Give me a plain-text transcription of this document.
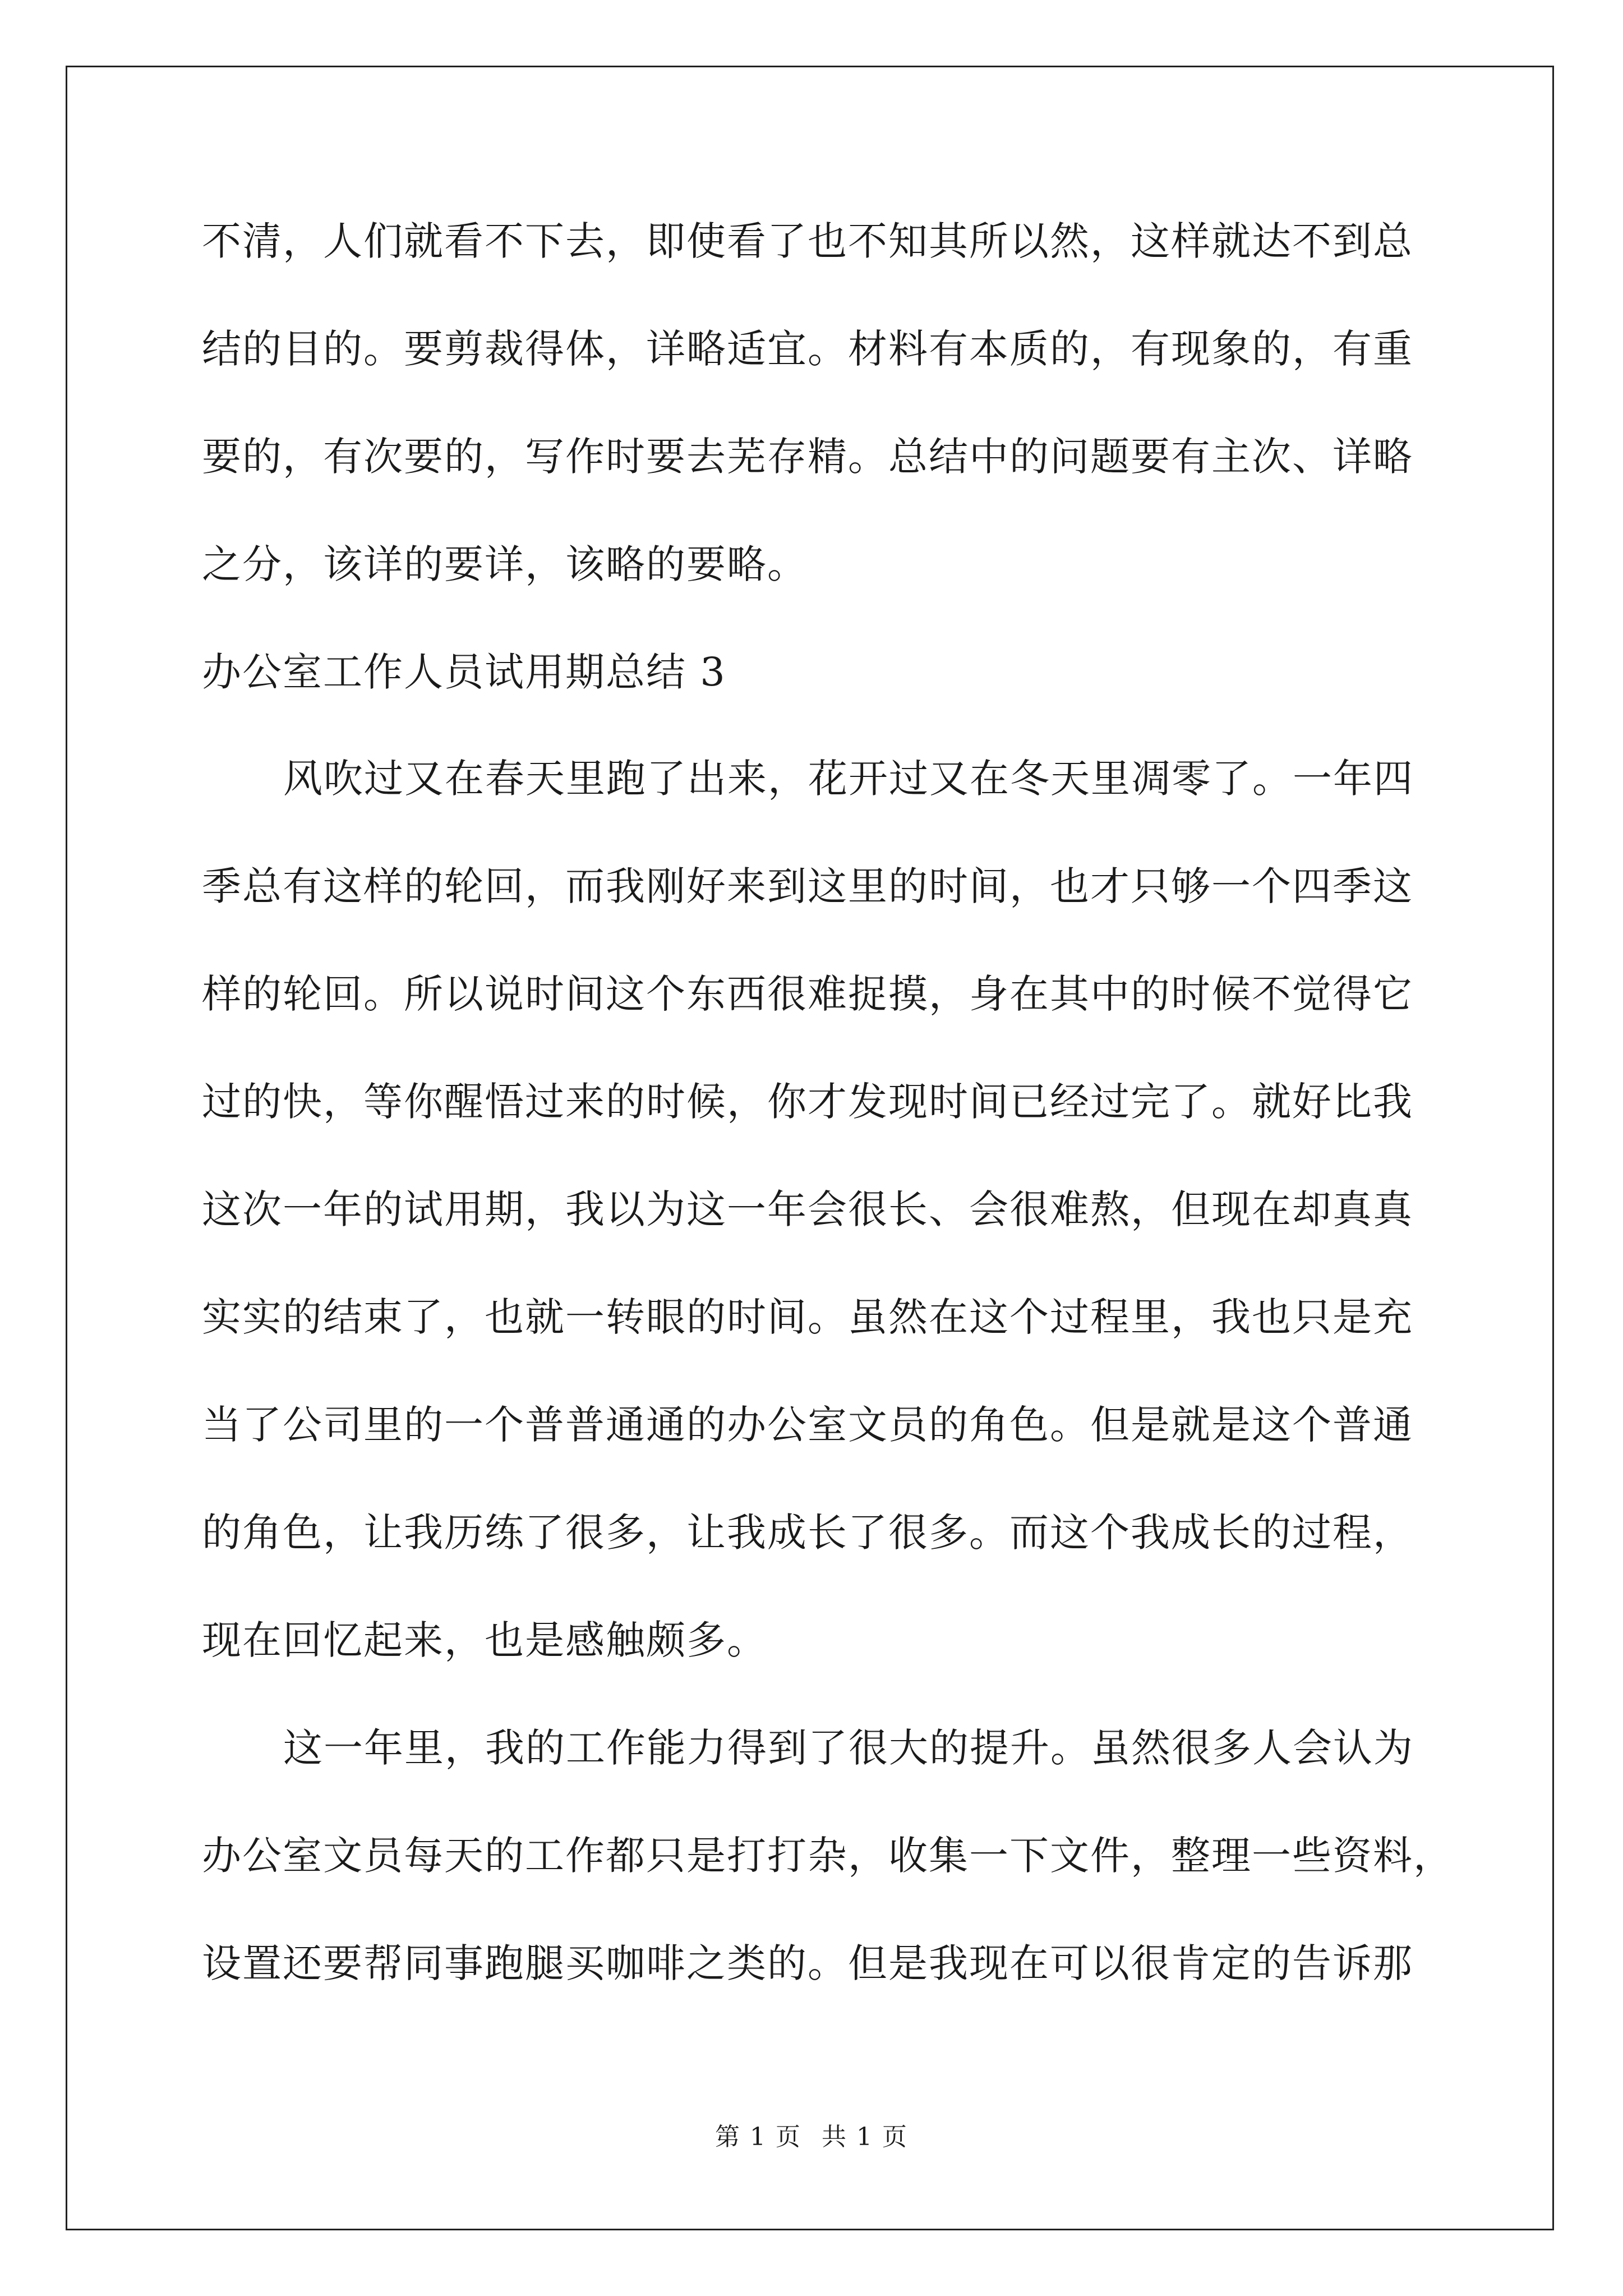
不清，人们就看不下去，即使看了也不知其所以然，这样就达不到总
结的目的。要剪裁得体，详略适宜。材料有本质的，有现象的，有重
要的，有次要的，写作时要去芜存精。总结中的问题要有主次、详略
之分，该详的要详，该略的要略。
办公室工作人员试用期总结 3
风吹过又在春天里跑了出来，花开过又在冬天里凋零了。一年四
季总有这样的轮回，而我刚好来到这里的时间，也才只够一个四季这
样的轮回。所以说时间这个东西很难捉摸，身在其中的时候不觉得它
过的快，等你醒悟过来的时候，你才发现时间已经过完了。就好比我
这次一年的试用期，我以为这一年会很长、会很难熬，但现在却真真
实实的结束了，也就一转眼的时间。虽然在这个过程里，我也只是充
当了公司里的一个普普通通的办公室文员的角色。但是就是这个普通
的角色，让我历练了很多，让我成长了很多。而这个我成长的过程，
现在回忆起来，也是感触颇多。
这一年里，我的工作能力得到了很大的提升。虽然很多人会认为
办公室文员每天的工作都只是打打杂，收集一下文件，整理一些资料，
设置还要帮同事跑腿买咖啡之类的。但是我现在可以很肯定的告诉那
第 1 页 共 1 页
